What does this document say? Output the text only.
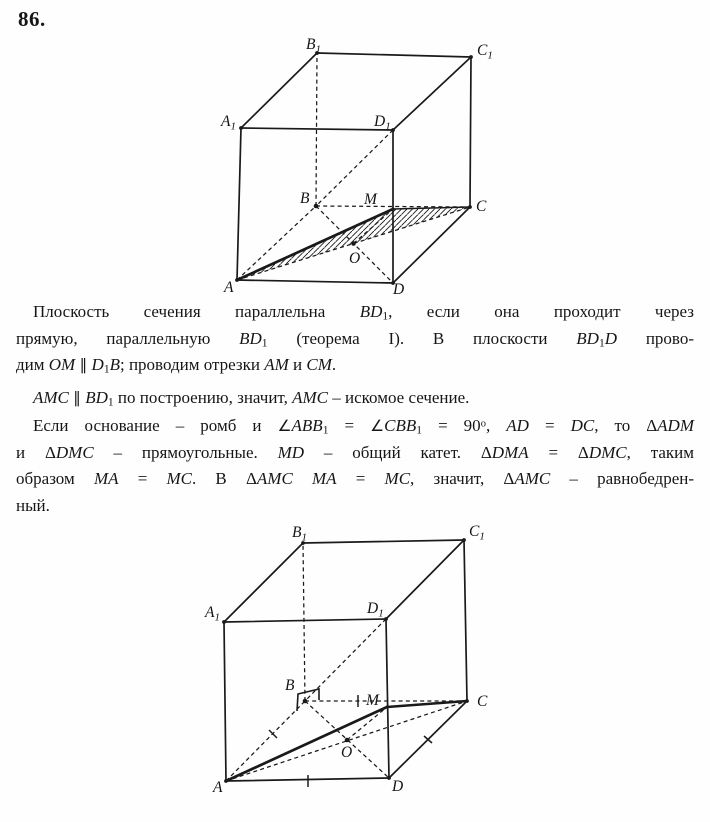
86.
$A_1$
$B_1$	$C_1$
$D_1$
A
B	C
D
M
O
Плоскость сечения параллельна $BD_1$, если она проходит через
прямую, параллельную $BD_1$ (теорема I). В плоскости $BD_1D$ прово-
дим OM ∥ $D_1B$; проводим отрезки AM и CM.
AMC ∥ $BD_1$ по построению, значит, AMC – искомое сечение.
Если основание – ромб и $\angle ABB_1$ = $\angle CBB_1 = 90^о$, AD = DC, то ΔADM
и ΔDMC – прямоугольные. MD – общий катет. ΔDMA = ΔDMC, таким
образом MA = MC. В ΔAMC MA = MC, значит, ΔAMC – равнобедрен-
ный.
$A_1$
$B_1$	$C_1$
$D_1$
A
B
C
D
M
O
